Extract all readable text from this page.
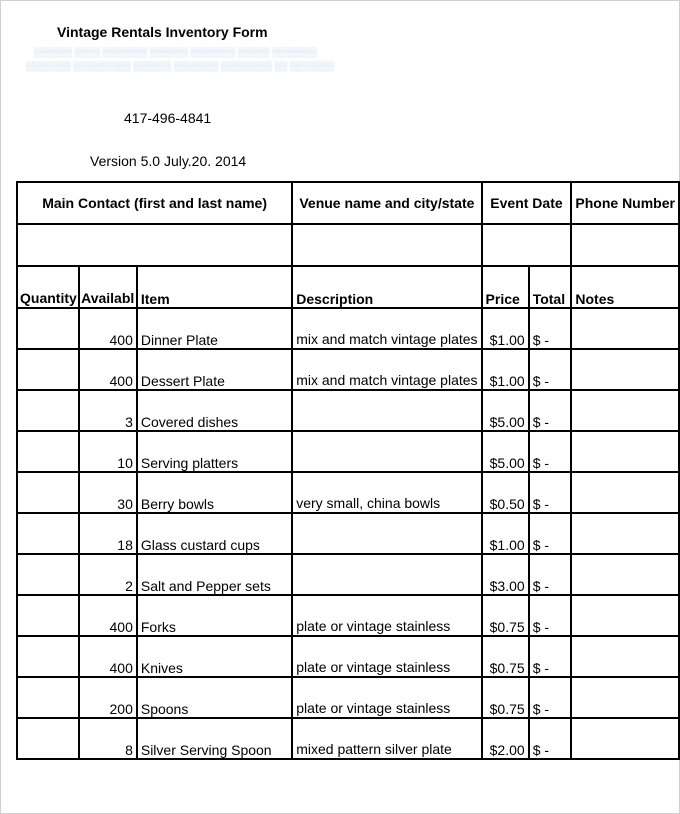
Vintage Rentals Inventory Form
▒▒▒▒▒▒ ▒▒▒▒ ▒▒▒▒▒▒▒ ▒▒▒▒▒▒ ▒▒▒▒▒▒▒ ▒▒▒▒▒ ▒▒▒▒▒▒▒
▒▒▒▒▒▒▒ ▒▒▒▒▒▒▒▒▒ ▒▒▒▒▒▒ ▒▒▒▒▒▒▒ ▒▒▒▒▒▒▒▒ ▒▒ ▒▒▒▒▒▒▒
417-496-4841
Version 5.0 July.20. 2014
Main Contact (first and last name)			Venue name and city/state	Event Date		Phone Number

Quantity	Availabl	Item	Description	Price	Total	Notes
	400	Dinner Plate	mix and match vintage plates	$1.00	$ -	
	400	Dessert Plate	mix and match vintage plates	$1.00	$ -	
	3	Covered dishes		$5.00	$ -	
	10	Serving platters		$5.00	$ -	
	30	Berry bowls	very small, china bowls	$0.50	$ -	
	18	Glass custard cups		$1.00	$ -	
	2	Salt and Pepper sets		$3.00	$ -	
	400	Forks	plate or vintage stainless	$0.75	$ -	
	400	Knives	plate or vintage stainless	$0.75	$ -	
	200	Spoons	plate or vintage stainless	$0.75	$ -	
	8	Silver Serving Spoon	mixed pattern silver plate	$2.00	$ -	
